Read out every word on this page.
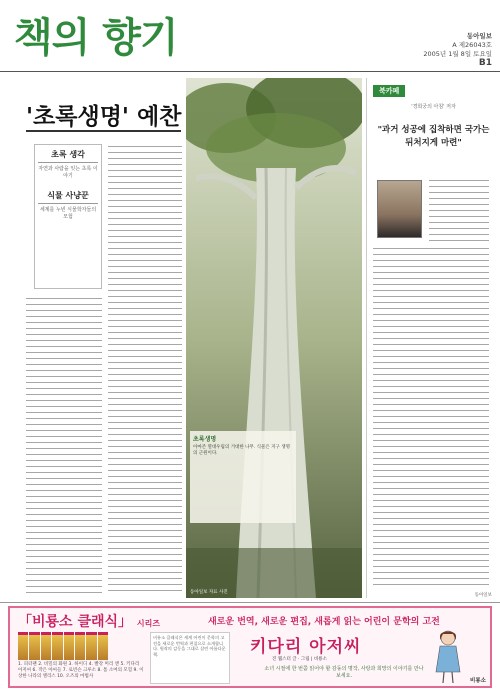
책의 향기	동아일보
A 제26043호
2005년 1월 8일 토요일
B1
'초록생명' 예찬
초록 생각
자연과 사람을 잇는 초록 이야기
식물 사냥꾼
세계를 누빈 식물학자들의 모험
초록생명
아마존 열대우림의 거대한 나무. 식물은 지구 생명의 근원이다.
동아일보 자료 사진
북카페
'경희궁의 아침' 저자
"과거 성공에 집착하면 국가는 뒤처지게 마련"
동아일보
「비룡소 클래식」 시리즈	새로운 번역, 새로운 편집, 새롭게 읽는 어린이 문학의 고전
1. 피터팬 2. 비밀의 화원 3. 하이디 4. 빨강 머리 앤 5. 키다리 아저씨 6. 작은 아씨들 7. 로빈슨 크루소 8. 톰 소여의 모험 9. 이상한 나라의 앨리스 10. 오즈의 마법사
비룡소 클래식은 세계 어린이 문학의 고전을 새로운 번역과 편집으로 소개합니다. 원작의 감동을 그대로 살린 아름다운 책.	키다리 아저씨
진 웹스터 글 · 그림 | 비룡소
소녀 시절에 한 번쯤 읽어야 할 감동의 명작, 사랑과 희망의 이야기를 만나 보세요.
비룡소
